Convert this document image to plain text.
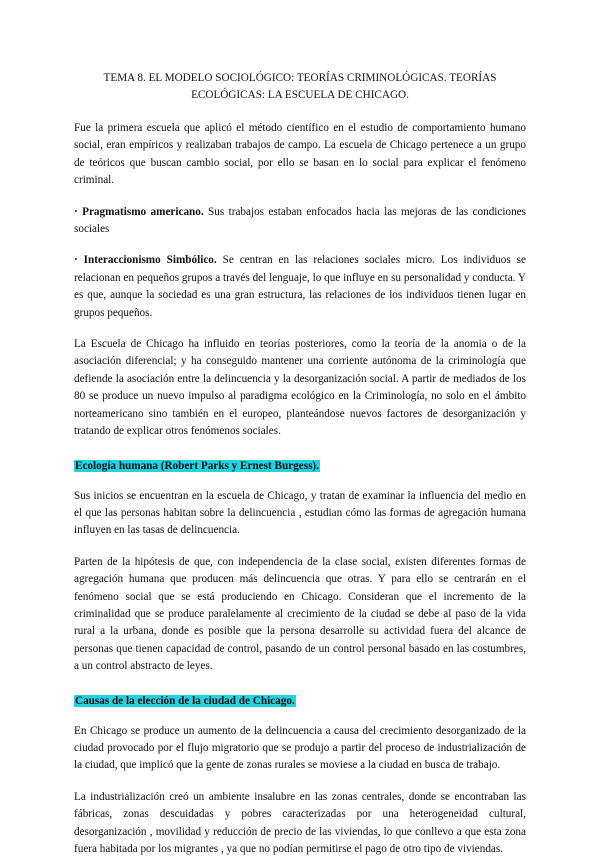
TEMA 8. EL MODELO SOCIOLÓGICO: TEORÍAS CRIMINOLÓGICAS. TEORÍAS ECOLÓGICAS: LA ESCUELA DE CHICAGO.

Fue la primera escuela que aplicó el método científico en el estudio de comportamiento humano social, eran empíricos y realizaban trabajos de campo. La escuela de Chicago pertenece a un grupo de teóricos que buscan cambio social, por ello se basan en lo social para explicar el fenómeno criminal.

· Pragmatismo americano. Sus trabajos estaban enfocados hacia las mejoras de las condiciones sociales

· Interaccionismo Simbólico. Se centran en las relaciones sociales micro. Los individuos se relacionan en pequeños grupos a través del lenguaje, lo que influye en su personalidad y conducta. Y es que, aunque la sociedad es una gran estructura, las relaciones de los individuos tienen lugar en grupos pequeños.

La Escuela de Chicago ha influido en teorías posteriores, como la teoría de la anomia o de la asociación diferencial; y ha conseguido mantener una corriente autónoma de la criminología que defiende la asociación entre la delincuencia y la desorganización social. A partir de mediados de los 80 se produce un nuevo impulso al paradigma ecológico en la Criminología, no solo en el ámbito norteamericano sino también en el europeo, planteándose nuevos factores de desorganización y tratando de explicar otros fenómenos sociales.

Ecología humana (Robert Parks y Ernest Burgess).

Sus inicios se encuentran en la escuela de Chicago, y tratan de examinar la influencia del medio en el que las personas habitan sobre la delincuencia , estudian cómo las formas de agregación humana influyen en las tasas de delincuencia.

Parten de la hipótesis de que, con independencia de la clase social, existen diferentes formas de agregación humana que producen más delincuencia que otras. Y para ello se centrarán en el fenómeno social que se está produciendo en Chicago. Consideran que el incremento de la criminalidad que se produce paralelamente al crecimiento de la ciudad se debe al paso de la vida rural a la urbana, donde es posible que la persona desarrolle su actividad fuera del alcance de personas que tienen capacidad de control, pasando de un control personal basado en las costumbres, a un control abstracto de leyes.

Causas de la elección de la ciudad de Chicago.

En Chicago se produce un aumento de la delincuencia a causa del crecimiento desorganizado de la ciudad provocado por el flujo migratorio que se produjo a partir del proceso de industrialización de la ciudad, que implicó que la gente de zonas rurales se moviese a la ciudad en busca de trabajo.

La industrialización creó un ambiente insalubre en las zonas centrales, donde se encontraban las fábricas, zonas descuidadas y pobres caracterizadas por una heterogeneidad cultural, desorganización , movilidad y reducción de precio de las viviendas, lo que conllevo a que esta zona fuera habitada por los migrantes , ya que no podían permitirse el pago de otro tipo de viviendas.
